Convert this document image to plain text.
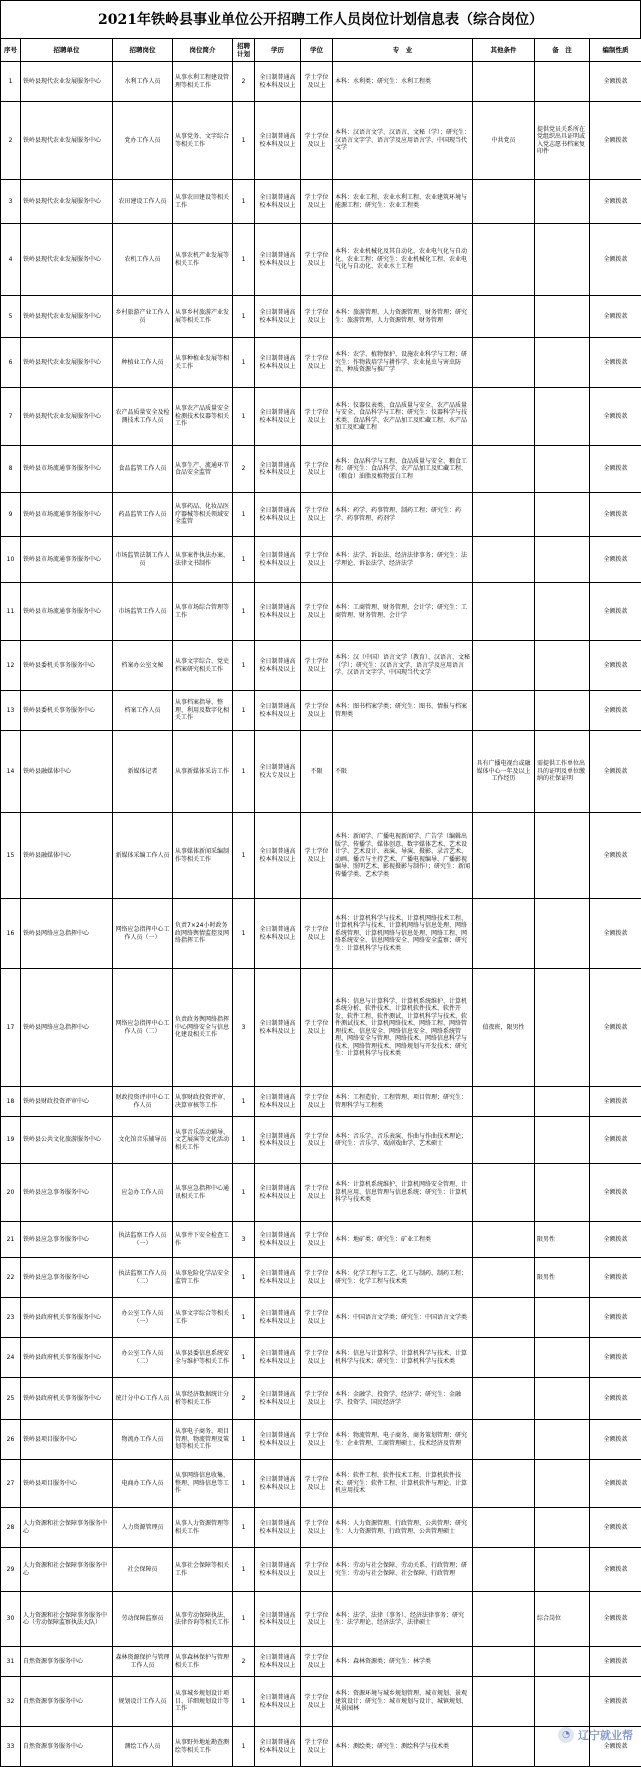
2021年铁岭县事业单位公开招聘工作人员岗位计划信息表（综合岗位）
序号	招聘单位	招聘岗位	岗位简介	招聘计划	学历	学位	专　业	其他条件	备　注	编制性质
1	铁岭县现代农业发展服务中心	水利工作人员	从事水利工程建设管理等相关工作	2	全日制普通高校本科及以上	学士学位及以上	本科：水利类；研究生：水利工程类			全额拨款
2	铁岭县现代农业发展服务中心	党办工作人员	从事党务、文字综合等相关工作	1	全日制普通高校本科及以上	学士学位及以上	本科：汉语言文学、汉语言、文秘（学）；研究生：汉语言文字学、语言学及应用语言学、中国现当代文学	中共党员	提供党员关系所在党组织出具证明或入党志愿书档案复印件	全额拨款
3	铁岭县现代农业发展服务中心	农田建设工作人员	从事农田建设等相关工作	1	全日制普通高校本科及以上	学士学位及以上	本科：农业工程、农业水利工程、农业建筑环境与能源工程；研究生：农业工程类			全额拨款
4	铁岭县现代农业发展服务中心	农机工作人员	从事农机产业发展等相关工作	1	全日制普通高校本科及以上	学士学位及以上	本科：农业机械化及其自动化、农业电气化与自动化、农业工程；研究生：农业机械化工程、农业电气化与自动化、农业水土工程			全额拨款
5	铁岭县现代农业发展服务中心	乡村旅游产业工作人员	从事乡村旅游产业发展等相关工作	1	全日制普通高校本科及以上	学士学位及以上	本科：旅游管理、人力资源管理、财务管理；研究生：旅游管理、人力资源管理、财务管理			全额拨款
6	铁岭县现代农业发展服务中心	种植业工作人员	从事种植业发展等相关工作	1	全日制普通高校本科及以上	学士学位及以上	本科：农学、植物保护、设施农业科学与工程；研究生：作物栽培学与耕作学、农业昆虫与害虫防治、种质资源与推广学			全额拨款
7	铁岭县现代农业发展服务中心	农产品质量安全及检测技术工作人员	从事农产品质量安全检测技术仪器等相关工作	1	全日制普通高校本科及以上	学士学位及以上	本科：仪器仪表类、食品质量与安全、农产品质量与安全、食品科学与工程；研究生：仪器科学与技术类、食品科学、农产品加工及贮藏工程、水产品加工及贮藏工程			全额拨款
8	铁岭县市场流通事务服务中心	食品监管工作人员	从事生产、流通环节食品安全监管	2	全日制普通高校本科及以上	学士学位及以上	本科：食品科学与工程、食品质量与安全、粮食工程；研究生：食品科学、农产品加工及贮藏工程、（粮食）油脂及植物蛋白工程			全额拨款
9	铁岭县市场流通事务服务中心	药品监管工作人员	从事药品、化妆品医疗器械等相关领域安全监管	1	全日制普通高校本科及以上	学士学位及以上	本科：药学、药事管理、制药工程；研究生：药学、药事管理、药剂学			全额拨款
10	铁岭县市场流通事务服务中心	市场监管法制工作人员	从事案件执法办案、法律文书制作	1	全日制普通高校本科及以上	学士学位及以上	本科：法学、诉讼法、经济法律事务；研究生：法学理论、诉讼法学、经济法学			全额拨款
11	铁岭县市场流通事务服务中心	市场监管工作人员	从事市场综合管理等工作	1	全日制普通高校本科及以上	学士学位及以上	本科：工商管理、财务管理、会计学；研究生：工商管理、财务管理、会计学			全额拨款
12	铁岭县委机关事务服务中心	档案办公室文秘	从事文字综合、党史档案研究相关工作	1	全日制普通高校本科及以上	学士学位及以上	本科：汉（中国）语言文学（教育）、汉语言、文秘（学）；研究生：汉语言文学、语言学及应用语言学、汉语言文字学、中国现当代文学			全额拨款
13	铁岭县委机关事务服务中心	档案工作人员	从事档案指导、整理、利用及数字化相关工作	1	全日制普通高校本科及以上	学士学位及以上	本科：图书档案学类；研究生：图书、情报与档案管理类			全额拨款
14	铁岭县融媒体中心	新媒体记者	从事新媒体采访工作	1	全日制普通高校大专及以上	不限	不限	具有广播电视台或融媒体中心一年及以上工作经历	需提供工作单位出具的证明及单位缴纳的社保证明	全额拨款
15	铁岭县融媒体中心	新媒体采编工作人员	从事媒体新闻采编制作等相关工作	1	全日制普通高校本科及以上	学士学位及以上	本科：新闻学、广播电视新闻学、广告学（编辑出版学、传播学、媒体创意、数字媒体艺术、艺术设计学、艺术设计、表演、导演、摄影、录音艺术、动画、播音与主持艺术、广播电视编导、广播影视编导、照明艺术、影视摄影与制作）；研究生：新闻传播学类、艺术学类			全额拨款
16	铁岭县网络应急指挥中心	网络应急指挥中心工作人员（一）	负责7×24小时政务政网络舆情监控及网络指挥工作	1	全日制普通高校本科及以上	学士学位及以上	本科：计算机科学与技术、计算机网络技术工程、计算机科学与技术、计算机网络与信息处理、网络系统管理、计算机网络与信息处理、网络工程、网络系统安全、信息网络安全、网络安全监察；研究生：计算机科学与技术类			全额拨款
17	铁岭县网络应急指挥中心	网络应急指挥中心工作人员（二）	负责政务舆网络指挥中心网络安全与信息化建设相关工作	3	全日制普通高校本科及以上	学士学位及以上	本科：信息与计算科学、计算机系统维护、计算机系统分析、软件技术、计算机软件技术、软件开发、软件工程、软件测试、计算机科学与技术、软件测试技术、计算机网络技术、网络工程、网络管理技术、信息安全、网络信息安全、网络系统管理、网络安全与管理、网络技术、网络信息科学与技术、网络管理技术、网络规划与开发技术；研究生：计算机科学与技术类	值夜班，限男性		全额拨款
18	铁岭县财政投资评审中心	财政投资评审中心工作人员	从事财政投资评审、决算审核等工作	1	全日制普通高校本科及以上	学士学位及以上	本科：工程造价、工程管理、项目管理；研究生：管理科学与工程类			全额拨款
19	铁岭县公共文化旅游服务中心	文化馆音乐辅导员	从事音乐活动辅导、文艺展演等文化活动相关工作	1	全日制普通高校本科及以上	学士学位及以上	本科：音乐学、音乐表演、作曲与作曲技术理论；研究生：音乐学、戏剧戏曲学、艺术硕士			全额拨款
20	铁岭县应急事务服务中心	应急办工作人员	从事应急指挥中心通讯相关工作	1	全日制普通高校本科及以上	学士学位及以上	本科：计算机系统维护、计算机网络安全管理、计算机应用、信息管理与信息系统；研究生：计算机科学与技术类			全额拨款
21	铁岭县应急事务服务中心	执法监察工作人员（一）	从事井下安全检查工作	3	全日制普通高校本科及以上	学士学位及以上	本科：地矿类；研究生：矿业工程类		限男性	全额拨款
22	铁岭县应急事务服务中心	执法监察工作人员（二）	从事危险化学品安全监管工作	1	全日制普通高校本科及以上	学士学位及以上	本科：化学工程与工艺、化工与制药、制药工程；研究生：化学工程与技术类		限男性	全额拨款
23	铁岭县政府机关事务服务中心	办公室工作人员（一）	从事文字综合等相关工作	1	全日制普通高校本科及以上	学士学位及以上	本科：中国语言文学类；研究生：中国语言文学类			全额拨款
24	铁岭县政府机关事务服务中心	办公室工作人员（二）	从事县委信息系统安全与维护等相关工作	1	全日制普通高校本科及以上	学士学位及以上	本科：信息与计算科学、计算机科学与技术、计算机科学与技术；研究生：计算机科学与技术类			全额拨款
25	铁岭县政府机关事务服务中心	统计分中心工作人员	从事经济数据统计分析等相关工作	2	全日制普通高校本科及以上	学士学位及以上	本科：金融学、投资学、经济学；研究生：金融学、投资学、国民经济学			全额拨款
26	铁岭县项目服务中心	物流办工作人员	从事电子商务、项目管理、物流管理及策划等相关工作	1	全日制普通高校本科及以上	学士学位及以上	本科：物流管理、电子商务、商务策划管理；研究生：企业管理、工商管理硕士、技术经济及管理			全额拨款
27	铁岭县项目服务中心	电商办工作人员	从事网络信息收集、整理、网络信息等工作	1	全日制普通高校本科及以上	学士学位及以上	本科：软件工程、软件技术工程、计算机软件技术；研究生：软件工程、计算机软件与理论、计算机应用技术			全额拨款
28	人力资源和社会保障事务服务中心	人力资源管理员	从事人力资源管理等相关工作	1	全日制普通高校本科及以上	学士学位及以上	本科：人力资源管理、行政管理、公共管理；研究生：人力资源管理、行政管理、公共管理硕士			全额拨款
29	人力资源和社会保障事务服务中心	社会保障员	从事社会保障等相关工作	1	全日制普通高校本科及以上	学士学位及以上	本科：劳动与社会保障、劳动关系、行政管理；研究生：劳动与社会保障、社会保障、行政管理			全额拨款
30	人力资源和社会保障事务服务中心（劳动保障监察执法大队）	劳动保障监察员	从事劳动保障执法、法律咨询等相关工作	1	全日制普通高校本科及以上	学士学位及以上	本科：法学、法律（事务）、经济法律事务；研究生：法学理论、经济法学、法律硕士		综合岗位	全额拨款
31	自然资源事务服务中心	森林资源保护与管理工作人员	从事森林保护与管理相关工作	2	全日制普通高校本科及以上	学士学位及以上	本科：森林资源类；研究生：林学类			全额拨款
32	自然资源事务服务中心	规划设计工作人员	从事城乡规划设计项目、详细规划设计等工作	1	全日制普通高校本科及以上	学士学位及以上	本科：资源环境与城乡规划管理、城市规划、景观建筑设计；研究生：城市规划与设计、城镇规划、风景园林			全额拨款
33	自然资源事务服务中心	测绘工作人员	从事野外地址勘查测绘等相关工作	1	全日制普通高校本科及以上	学士学位及以上	本科：测绘类；研究生：测绘科学与技术类			全额拨款
◔ 辽宁就业帮
